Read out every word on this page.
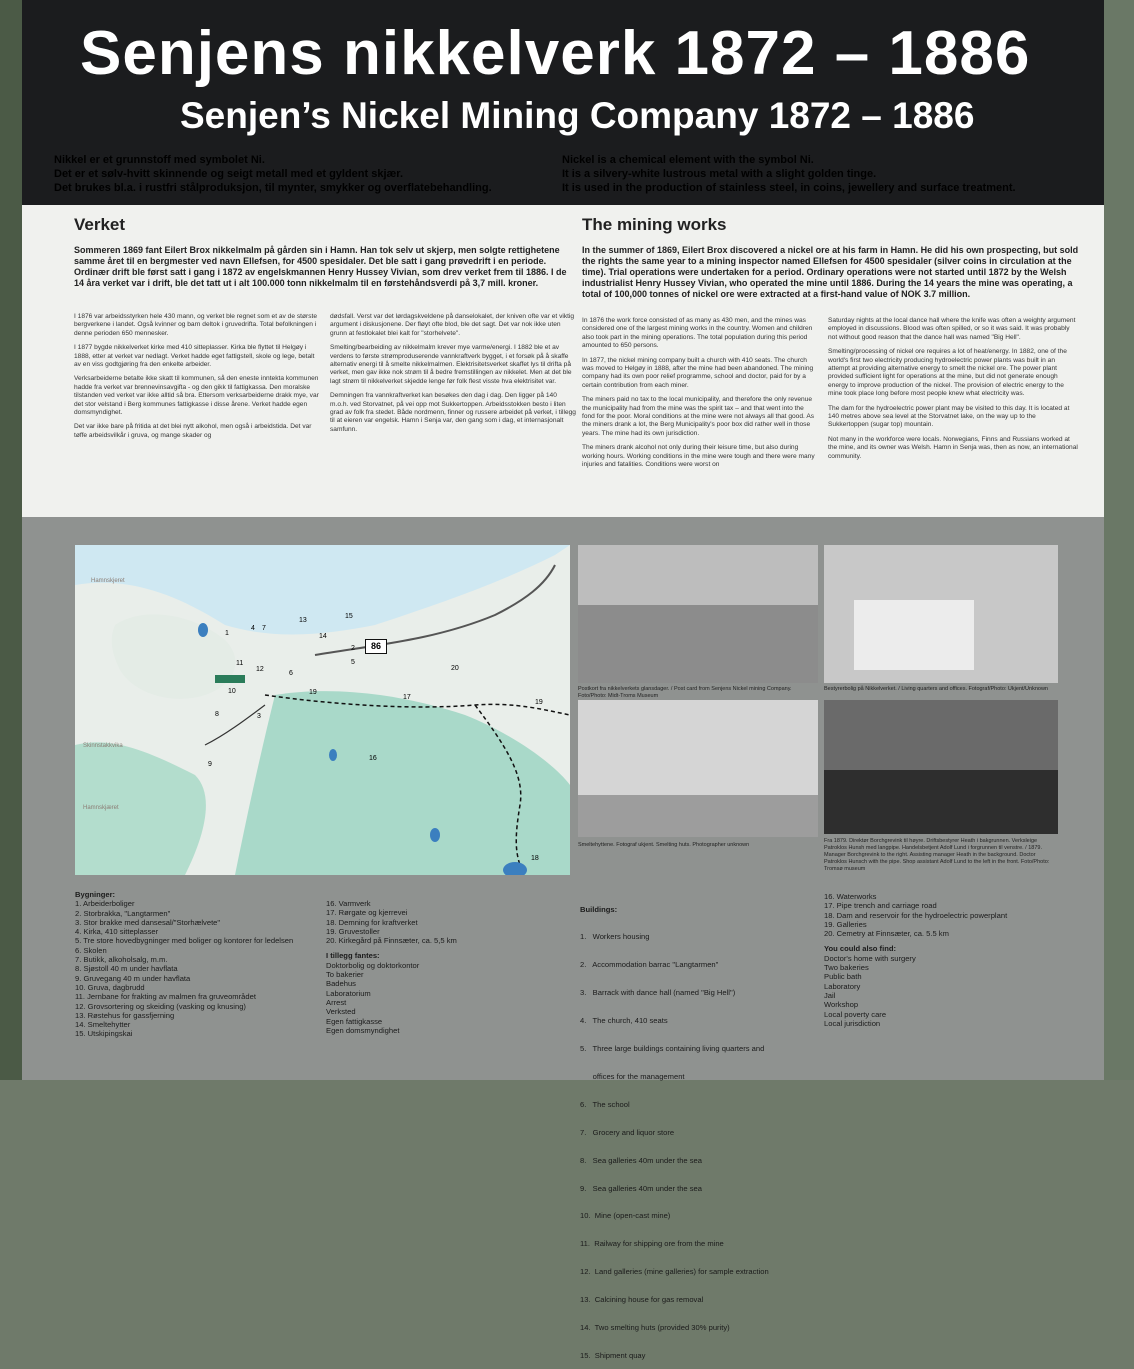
Senjens nikkelverk 1872 – 1886
Senjen’s Nickel Mining Company 1872 – 1886
Nikkel er et grunnstoff med symbolet Ni.
Det er et sølv-hvitt skinnende og seigt metall med et gyldent skjær.
Det brukes bl.a. i rustfri stålproduksjon, til mynter, smykker og overflatebehandling.
Nickel is a chemical element with the symbol Ni.
It is a silvery-white lustrous metal with a slight golden tinge.
It is used in the production of stainless steel, in coins, jewellery and surface treatment.
Verket	The mining works
Sommeren 1869 fant Eilert Brox nikkelmalm på gården sin i Hamn. Han tok selv ut skjerp, men solgte rettighetene samme året til en bergmester ved navn Ellefsen, for 4500 spesidaler. Det ble satt i gang prøvedrift i en periode. Ordinær drift ble først satt i gang i 1872 av engelskmannen Henry Hussey Vivian, som drev verket frem til 1886. I de 14 åra verket var i drift, ble det tatt ut i alt 100.000 tonn nikkelmalm til en førstehåndsverdi på 3,7 mill. kroner.
In the summer of 1869, Eilert Brox discovered a nickel ore at his farm in Hamn. He did his own prospecting, but sold the rights the same year to a mining inspector named Ellefsen for 4500 spesidaler (silver coins in circulation at the time). Trial operations were undertaken for a period. Ordinary operations were not started until 1872 by the Welsh industrialist Henry Hussey Vivian, who operated the mine until 1886. During the 14 years the mine was operating, a total of 100,000 tonnes of nickel ore were extracted at a first-hand value of NOK 3.7 million.

I 1876 var arbeidsstyrken hele 430 mann, og verket ble regnet som et av de største bergverkene i landet. Også kvinner og barn deltok i gruvedrifta. Total befolkningen i denne perioden 650 mennesker.

I 1877 bygde nikkelverket kirke med 410 sitteplasser. Kirka ble flyttet til Helgøy i 1888, etter at verket var nedlagt. Verket hadde eget fattigstell, skole og lege, betalt av en viss godtgjøring fra den enkelte arbeider.

Verksarbeiderne betalte ikke skatt til kommunen, så den eneste inntekta kommunen hadde fra verket var brennevinsavgifta - og den gikk til fattigkassa. Den moralske tilstanden ved verket var ikke alltid så bra. Ettersom verksarbeiderne drakk mye, var det stor velstand i Berg kommunes fattigkasse i disse årene. Verket hadde egen domsmyndighet.

Det var ikke bare på fritida at det blei nytt alkohol, men også i arbeidstida. Det var tøffe arbeidsvilkår i gruva, og mange skader og

dødsfall. Verst var det lørdagskveldene på danselokalet, der kniven ofte var et viktig argument i diskusjonene. Der fløyt ofte blod, ble det sagt. Det var nok ikke uten grunn at festlokalet blei kalt for "storhelvete".

Smelting/bearbeiding av nikkelmalm krever mye varme/energi. I 1882 ble et av verdens to første strømproduserende vannkraftverk bygget, i et forsøk på å skaffe alternativ energi til å smelte nikkelmalmen. Elektrisitetsverket skaffet lys til drifta på verket, men gav ikke nok strøm til å bedre fremstillingen av nikkelet. Men at det ble lagt strøm til nikkelverket skjedde lenge før folk flest visste hva elektrisitet var.

Demningen fra vannkraftverket kan besøkes den dag i dag. Den ligger på 140 m.o.h. ved Storvatnet, på vei opp mot Sukkertoppen. Arbeidsstokken besto i liten grad av folk fra stedet. Både nordmenn, finner og russere arbeidet på verket, i tillegg til at eieren var engelsk. Hamn i Senja var, den gang som i dag, et internasjonalt samfunn.

In 1876 the work force consisted of as many as 430 men, and the mines was considered one of the largest mining works in the country. Women and children also took part in the mining operations. The total population during this period amounted to 650 persons.

In 1877, the nickel mining company built a church with 410 seats. The church was moved to Helgøy in 1888, after the mine had been abandoned. The mining company had its own poor relief programme, school and doctor, paid for by a certain contribution from each miner.

The miners paid no tax to the local municipality, and therefore the only revenue the municipality had from the mine was the spirit tax – and that went into the fond for the poor. Moral conditions at the mine were not always all that good. As the miners drank a lot, the Berg Municipality's poor box did rather well in those years. The mine had its own jurisdiction.

The miners drank alcohol not only during their leisure time, but also during working hours. Working conditions in the mine were tough and there were many injuries and fatalities. Conditions were worst on

Saturday nights at the local dance hall where the knife was often a weighty argument employed in discussions. Blood was often spilled, or so it was said. It was probably not without good reason that the dance hall was named "Big Hell".

Smelting/processing of nickel ore requires a lot of heat/energy. In 1882, one of the world's first two electricity producing hydroelectric power plants was built in an attempt at providing alternative energy to smelt the nickel ore. The power plant provided sufficient light for operations at the mine, but did not generate enough energy to improve production of the nickel. The provision of electric energy to the mine took place long before most people knew what electricity was.

The dam for the hydroelectric power plant may be visited to this day. It is located at 140 metres above sea level at the Storvatnet lake, on the way up to the Sukkertoppen (sugar top) mountain.

Not many in the workforce were locals. Norwegians, Finns and Russians worked at the mine, and its owner was Welsh. Hamn in Senja was, then as now, an international community.

Hamnskjeret
Skinnstakkvika
Hamnskjæret
86
1
2
3
4
5
6
7
8
9
10
11
12
13
14
15
16
17
18
19
19
20
Postkort fra nikkelverkets glansdager. / Post card from Senjens Nickel mining Company. Foto/Photo: Midt-Troms Museum
Bestyrerbolig på Nikkelverket. / Living quarters and offices. Fotograf/Photo: Ukjent/Unknown
Smeltehyttene. Fotograf ukjent. Smelting huts. Photographer unknown
Fra 1879. Direktør Borchgrevink til høyre. Driftsbestyrer Heath i bakgrunnen. Verksleige Patroklos Hunsh med langpipe. Handelsbetjent Adolf Lund i forgrunnen til venstre. / 1879. Manager Borchgrevink to the right. Assisting manager Heath in the background. Doctor Patroklos Hunsch with the pipe. Shop assistant Adolf Lund to the left in the front. Foto/Photo: Tromsø museum
Bygninger:
1. Arbeiderboliger
2. Storbrakka, "Langtarmen"
3. Stor brakke med dansesal/"Storhælvete"
4. Kirka, 410 sitteplasser
5. Tre store hovedbygninger med boliger og kontorer for ledelsen
6. Skolen
7. Butikk, alkoholsalg, m.m.
8. Sjøstoll 40 m under havflata
9. Gruvegang 40 m under havflata
10. Gruva, dagbrudd
11. Jernbane for frakting av malmen fra gruveområdet
12. Grovsortering og skeiding (vasking og knusing)
13. Røstehus for gassfjerning
14. Smeltehytter
15. Utskipingskai
16. Varmverk
17. Rørgate og kjerrevei
18. Demning for kraftverket
19. Gruvestoller
20. Kirkegård på Finnsæter, ca. 5,5 km
I tillegg fantes:
Doktorbolig og doktorkontor
To bakerier
Badehus
Laboratorium
Arrest
Verksted
Egen fattigkasse
Egen domsmyndighet

Buildings:

1.   Workers housing

2.   Accommodation barrac "Langtarmen"

3.   Barrack with dance hall (named "Big Hell")

4.   The church, 410 seats

5.   Three large buildings containing living quarters and

offices for the management

6.   The school

7.   Grocery and liquor store

8.   Sea galleries 40m under the sea

9.   Sea galleries 40m under the sea

10.  Mine (open-cast mine)

11.  Railway for shipping ore from the mine

12.  Land galleries (mine galleries) for sample extraction

13.  Calcining house for gas removal

14.  Two smelting huts (provided 30% purity)

15.  Shipment quay

16. Waterworks
17. Pipe trench and carriage road
18. Dam and reservoir for the hydroelectric powerplant
19. Galleries
20. Cemetry at Finnsæter, ca. 5.5 km
You could also find:
Doctor's home with surgery
Two bakeries
Public bath
Laboratory
Jail
Workshop
Local poverty care
Local jurisdiction
